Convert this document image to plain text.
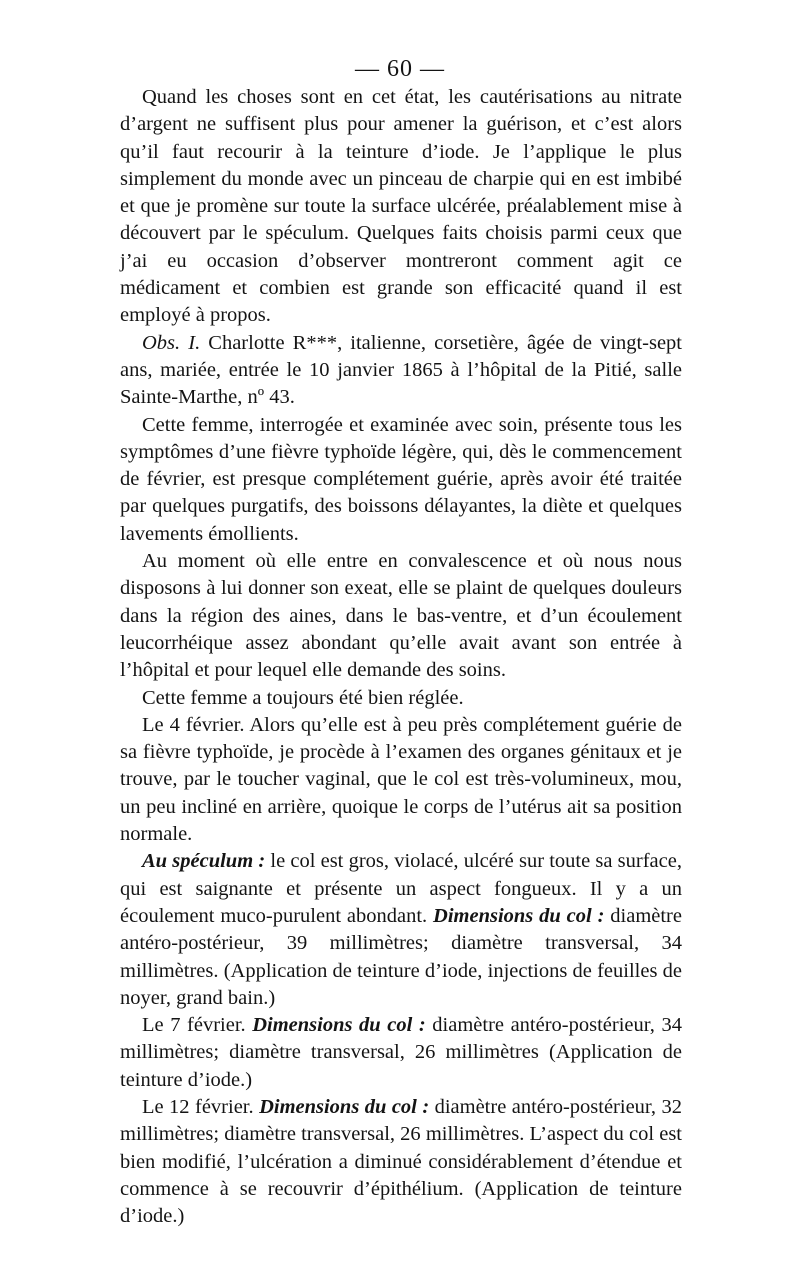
— 60 —

Quand les choses sont en cet état, les cautérisations au nitrate d’argent ne suffisent plus pour amener la guérison, et c’est alors qu’il faut recourir à la teinture d’iode. Je l’applique le plus simplement du monde avec un pinceau de charpie qui en est imbibé et que je promène sur toute la surface ulcérée, préalablement mise à découvert par le spéculum. Quelques faits choisis parmi ceux que j’ai eu occasion d’observer montreront comment agit ce médicament et combien est grande son efficacité quand il est employé à propos.

Obs. I. Charlotte R***, italienne, corsetière, âgée de vingt-sept ans, mariée, entrée le 10 janvier 1865 à l’hôpital de la Pitié, salle Sainte-Marthe, nº 43.

Cette femme, interrogée et examinée avec soin, présente tous les symptômes d’une fièvre typhoïde légère, qui, dès le commencement de février, est presque complétement guérie, après avoir été traitée par quelques purgatifs, des boissons délayantes, la diète et quelques lavements émollients.

Au moment où elle entre en convalescence et où nous nous disposons à lui donner son exeat, elle se plaint de quelques douleurs dans la région des aines, dans le bas-ventre, et d’un écoulement leucorrhéique assez abondant qu’elle avait avant son entrée à l’hôpital et pour lequel elle demande des soins.

Cette femme a toujours été bien réglée.

Le 4 février. Alors qu’elle est à peu près complétement guérie de sa fièvre typhoïde, je procède à l’examen des organes génitaux et je trouve, par le toucher vaginal, que le col est très-volumineux, mou, un peu incliné en arrière, quoique le corps de l’utérus ait sa position normale.

Au spéculum : le col est gros, violacé, ulcéré sur toute sa surface, qui est saignante et présente un aspect fongueux. Il y a un écoulement muco-purulent abondant. Dimensions du col : diamètre antéro-postérieur, 39 millimètres; diamètre transversal, 34 millimètres. (Application de teinture d’iode, injections de feuilles de noyer, grand bain.)

Le 7 février. Dimensions du col : diamètre antéro-postérieur, 34 millimètres; diamètre transversal, 26 millimètres (Application de teinture d’iode.)

Le 12 février. Dimensions du col : diamètre antéro-postérieur, 32 millimètres; diamètre transversal, 26 millimètres. L’aspect du col est bien modifié, l’ulcération a diminué considérablement d’étendue et commence à se recouvrir d’épithélium. (Application de teinture d’iode.)
